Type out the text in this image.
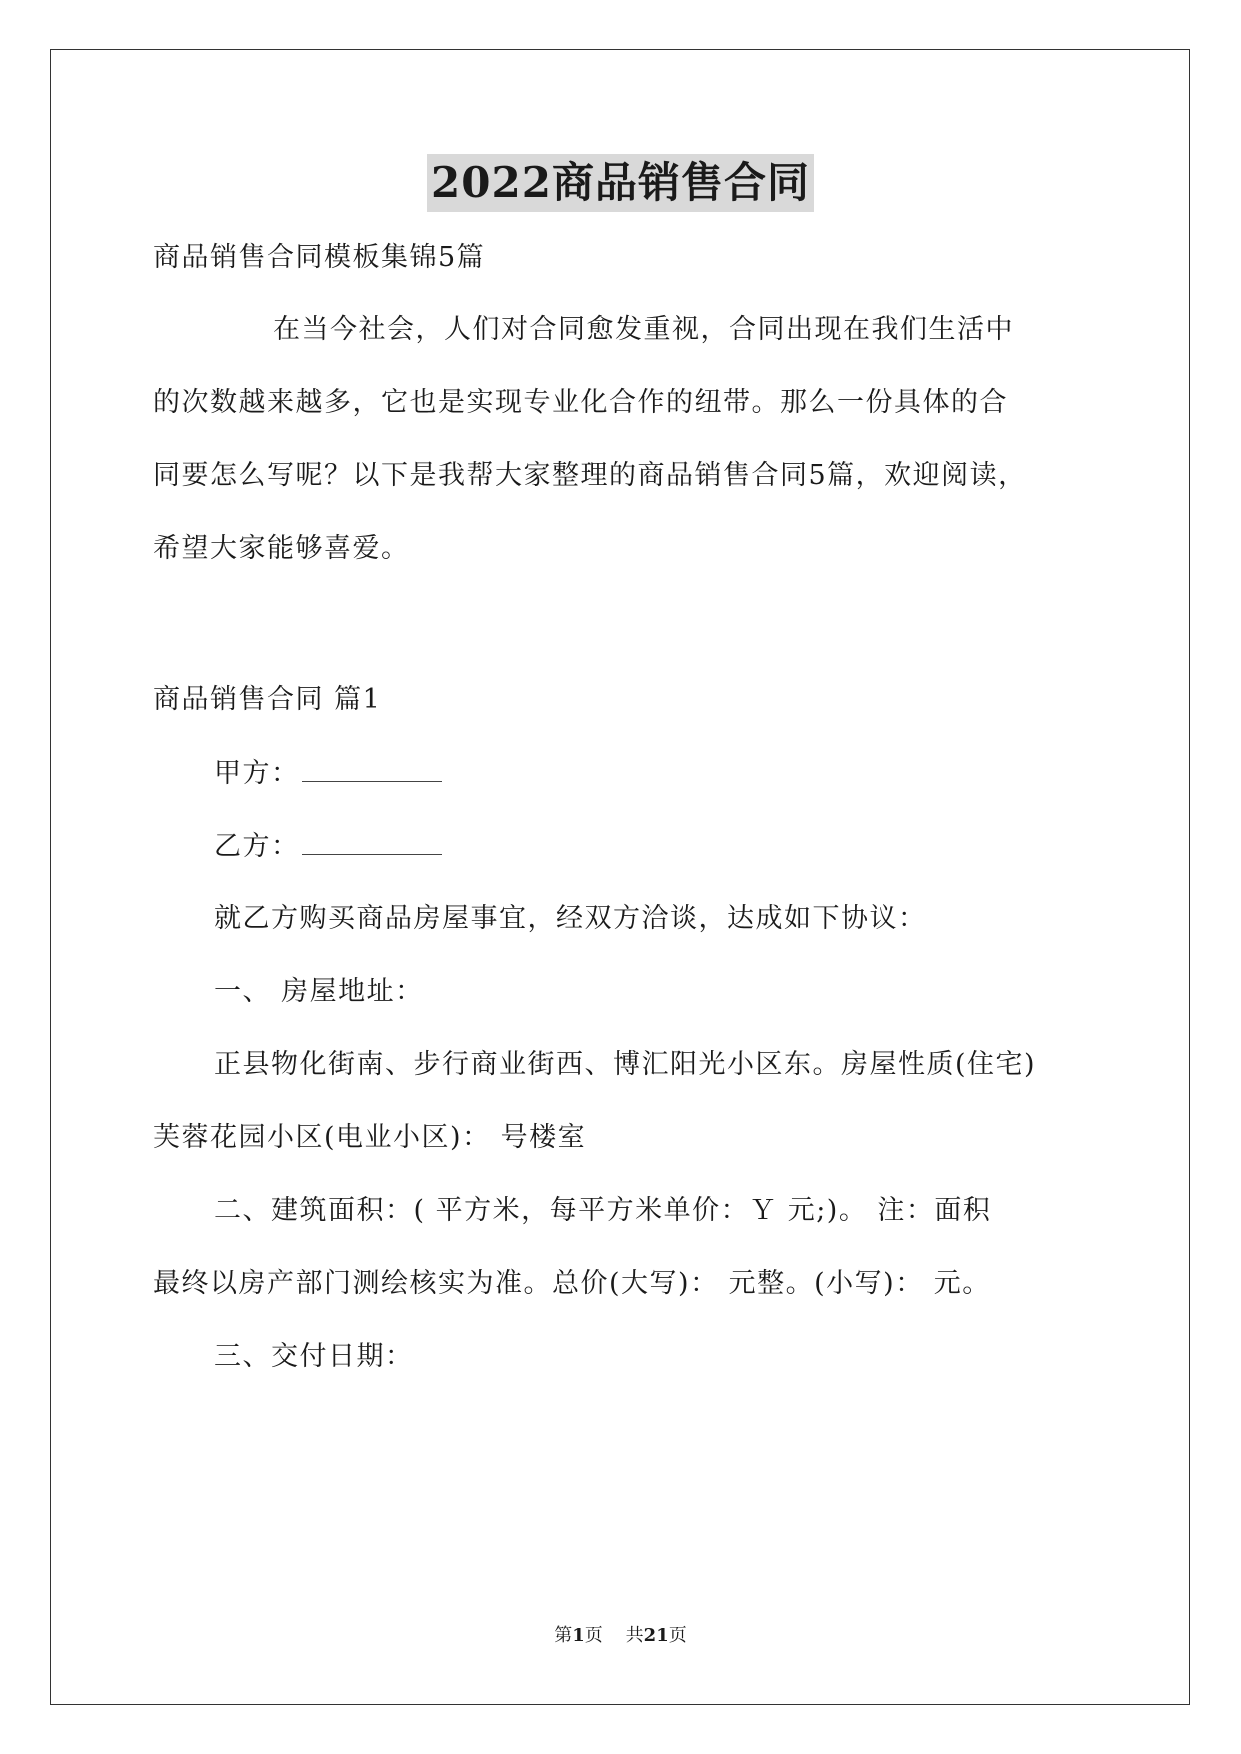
2022商品销售合同
商品销售合同模板集锦5篇
在当今社会，人们对合同愈发重视，合同出现在我们生活中
的次数越来越多，它也是实现专业化合作的纽带。那么一份具体的合
同要怎么写呢？以下是我帮大家整理的商品销售合同5篇，欢迎阅读，
希望大家能够喜爱。
商品销售合同 篇1
甲方：
乙方：
就乙方购买商品房屋事宜，经双方洽谈，达成如下协议：
一、 房屋地址：
正县物化街南、步行商业街西、博汇阳光小区东。房屋性质(住宅)
芙蓉花园小区(电业小区)： 号楼室
二、建筑面积：( 平方米，每平方米单价：Ｙ 元;)。 注：面积
最终以房产部门测绘核实为准。总价(大写)： 元整。(小写)： 元。
三、交付日期：
第1页    共21页
